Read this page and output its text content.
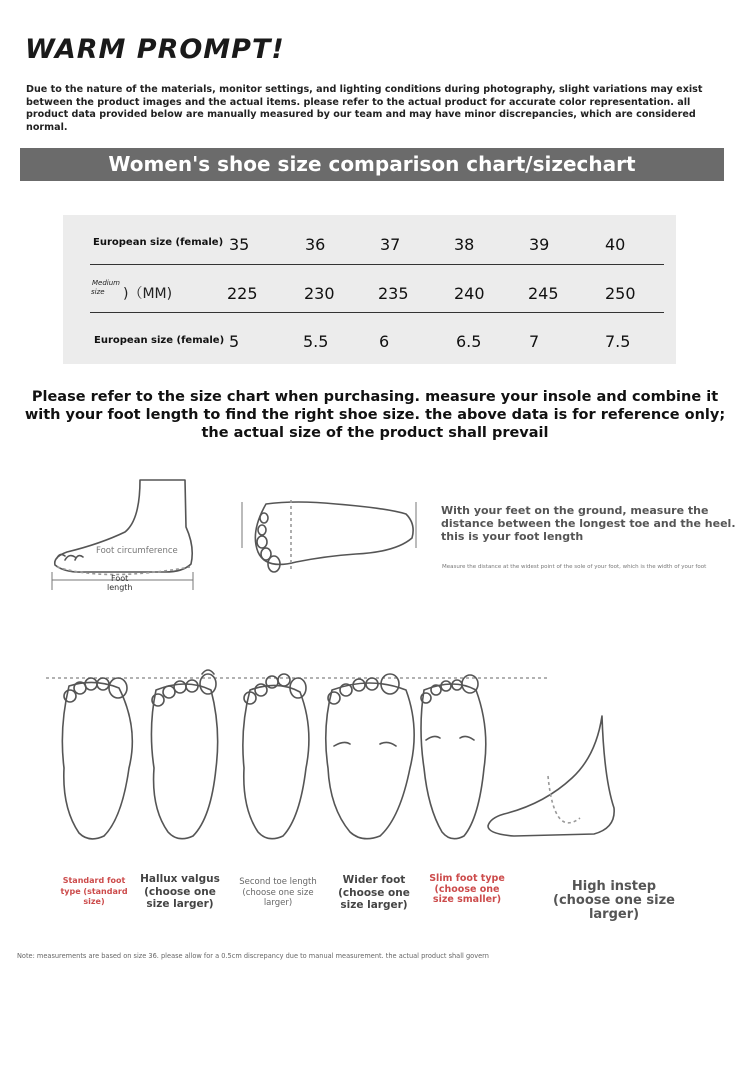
WARM PROMPT!
Due to the nature of the materials, monitor settings, and lighting conditions during photography, slight variations may exist between the product images and the actual items. please refer to the actual product for accurate color representation. all product data provided below are manually measured by our team and may have minor discrepancies, which are considered normal.
Women's shoe size comparison chart/sizechart
European size (female) 35	36	37	38	39	40
Medium
size )（MM)	225	230	235	240	245	250
European size (female) 5	5.5	6	6.5	7	7.5
Please refer to the size chart when purchasing. measure your insole and combine it with your foot length to find the right shoe size. the above data is for reference only; the actual size of the product shall prevail
Foot circumference
Foot
length
With your feet on the ground, measure the distance between the longest toe and the heel. this is your foot length
Measure the distance at the widest point of the sole of your foot, which is the width of your foot
Standard foot type (standard size)
Hallux valgus (choose one size larger)
Second toe length (choose one size larger)
Wider foot (choose one size larger)
Slim foot type (choose one size smaller)
High instep (choose one size larger)
Note: measurements are based on size 36. please allow for a 0.5cm discrepancy due to manual measurement. the actual product shall govern
